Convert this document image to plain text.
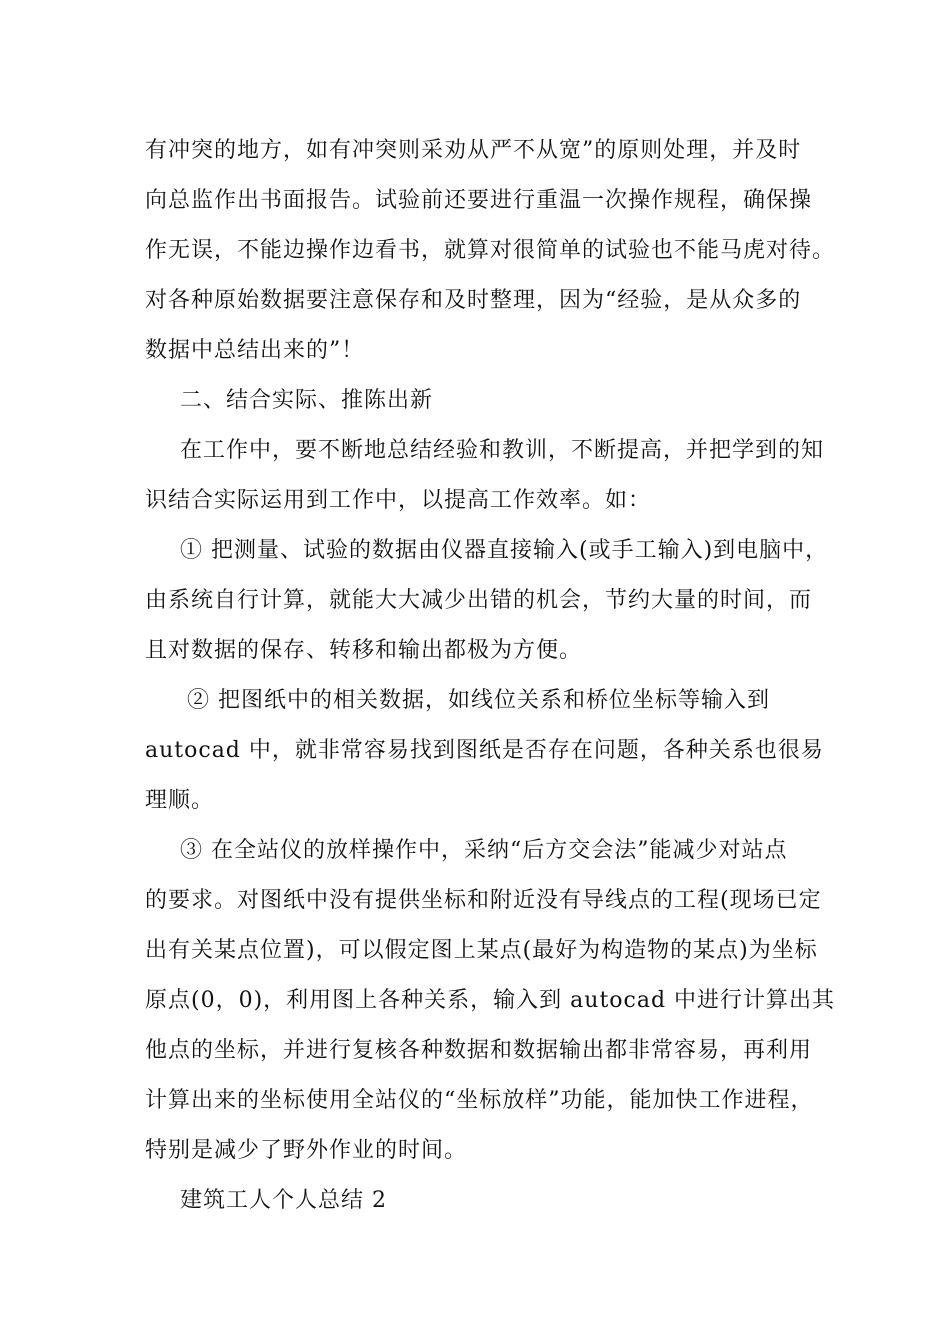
有冲突的地方，如有冲突则采劝从严不从宽”的原则处理，并及时
向总监作出书面报告。试验前还要进行重温一次操作规程，确保操
作无误，不能边操作边看书，就算对很简单的试验也不能马虎对待。
对各种原始数据要注意保存和及时整理，因为“经验，是从众多的
数据中总结出来的”！
二、结合实际、推陈出新
在工作中，要不断地总结经验和教训，不断提高，并把学到的知
识结合实际运用到工作中，以提高工作效率。如：
① 把测量、试验的数据由仪器直接输入(或手工输入)到电脑中，
由系统自行计算，就能大大减少出错的机会，节约大量的时间，而
且对数据的保存、转移和输出都极为方便。
② 把图纸中的相关数据，如线位关系和桥位坐标等输入到
autocad 中，就非常容易找到图纸是否存在问题，各种关系也很易
理顺。
③ 在全站仪的放样操作中，采纳“后方交会法”能减少对站点
的要求。对图纸中没有提供坐标和附近没有导线点的工程(现场已定
出有关某点位置)，可以假定图上某点(最好为构造物的某点)为坐标
原点(0，0)，利用图上各种关系，输入到 autocad 中进行计算出其
他点的坐标，并进行复核各种数据和数据输出都非常容易，再利用
计算出来的坐标使用全站仪的“坐标放样”功能，能加快工作进程，
特别是减少了野外作业的时间。
建筑工人个人总结 2
